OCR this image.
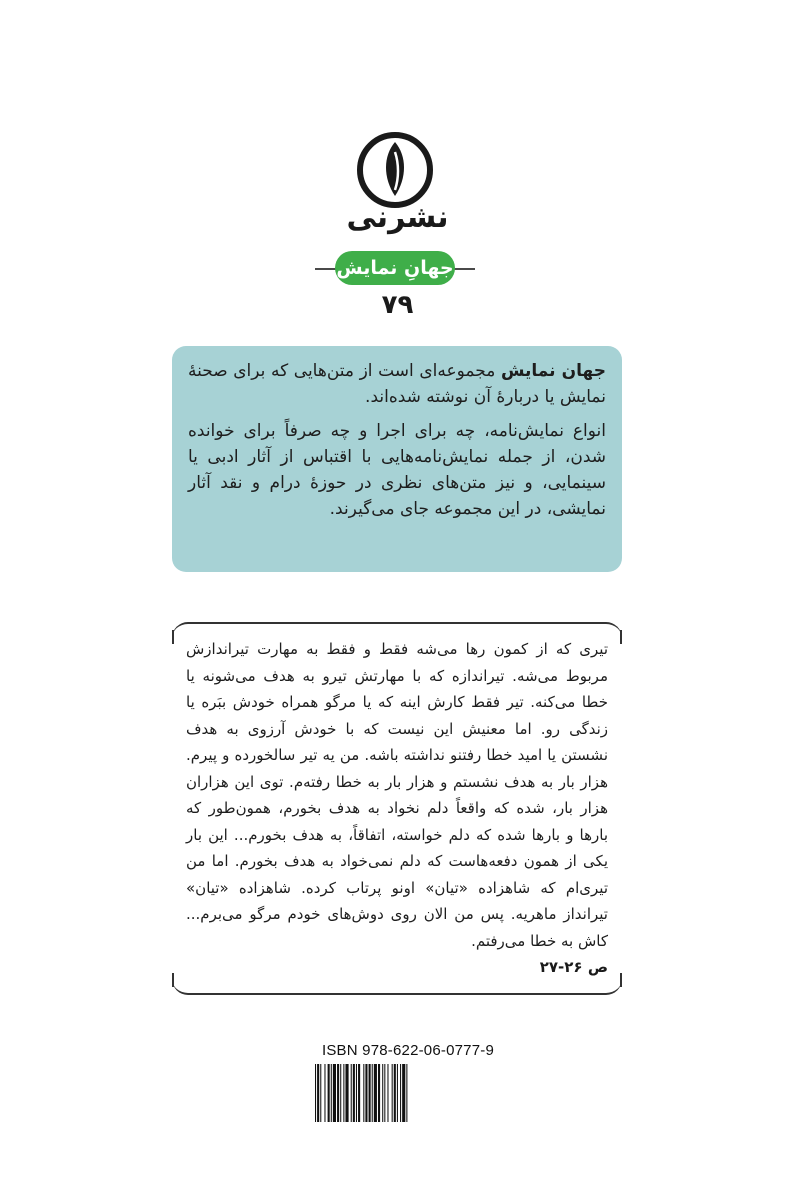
نشرنی
جهانِ نمایش
۷۹

جهان نمایش مجموعه‌ای است از متن‌هایی که برای صحنهٔ نمایش یا دربارهٔ آن نوشته شده‌اند.

انواع نمایش‌نامه، چه برای اجرا و چه صرفاً برای خوانده شدن، از جمله نمایش‌نامه‌هایی با اقتباس از آثار ادبی یا سینمایی، و نیز متن‌های نظری در حوزهٔ درام و نقد آثار نمایشی، در این مجموعه جای می‌گیرند.

تیری که از کمون رها می‌شه فقط و فقط به مهارت تیراندازش مربوط می‌شه. تیرانداز‌ه که با مهارتش تیرو به هدف می‌شونه یا خطا می‌کنه. تیر فقط کارش اینه که یا مرگو همراه خودش ببَره یا زندگی رو. اما معنیش این نیست که با خودش آرزوی به هدف نشستن یا امید خطا رفتنو نداشته باشه. من یه تیر سالخورده و پیرم. هزار بار به هدف نشستم و هزار بار به خطا رفته‌م. توی این هزاران هزار بار، شده که واقعاً دلم نخواد به هدف بخورم، همون‌طور که بارها و بارها شده که دلم خواسته، اتفاقاً، به هدف بخورم... این بار یکی از همون دفعه‌هاست که دلم نمی‌خواد به هدف بخورم. اما من تیری‌ام که شاهزاده «تیان» اونو پرتاب کرده. شاهزاده «تیان» تیرانداز ماهریه. پس من الان روی دوش‌های خودم مرگو می‌برم... کاش به خطا می‌رفتم.
ص ۲۶-۲۷
ISBN 978-622-06-0777-9
